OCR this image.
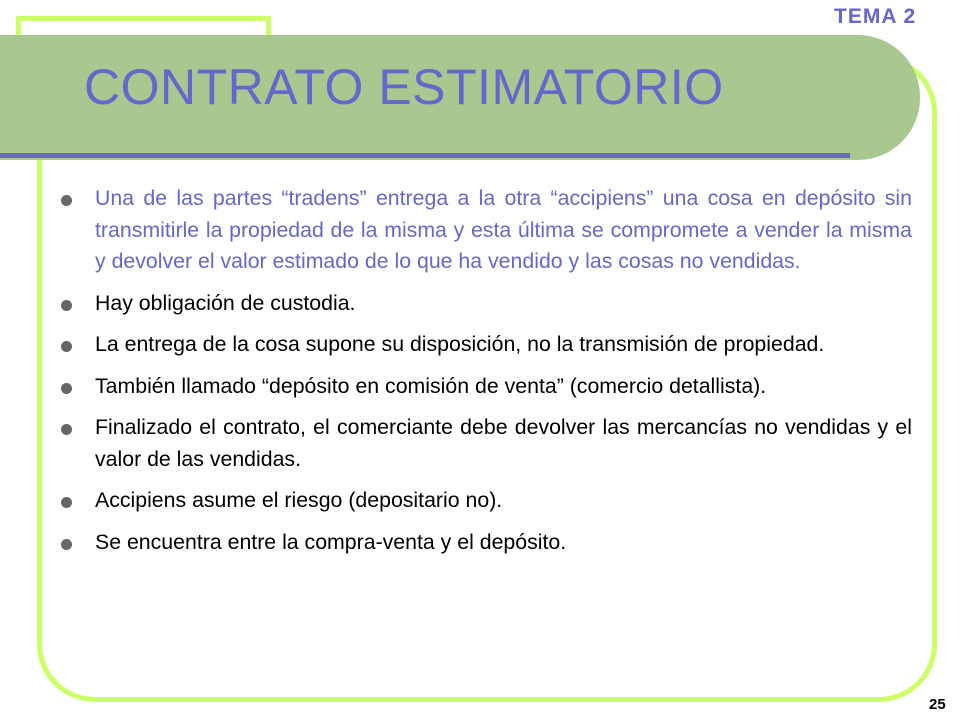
CONTRATO ESTIMATORIO
TEMA 2
Una de las partes “tradens” entrega a la otra “accipiens” una cosa en depósito sin transmitirle la propiedad de la misma y esta última se compromete a vender la misma y devolver el valor estimado de lo que ha vendido y las cosas no vendidas.
Hay obligación de custodia.
La entrega de la cosa supone su disposición, no la transmisión de propiedad.
También llamado “depósito en comisión de venta” (comercio detallista).
Finalizado el contrato, el comerciante debe devolver las mercancías no vendidas y el valor de las vendidas.
Accipiens asume el riesgo (depositario no).
Se encuentra entre la compra-venta y el depósito.
25
